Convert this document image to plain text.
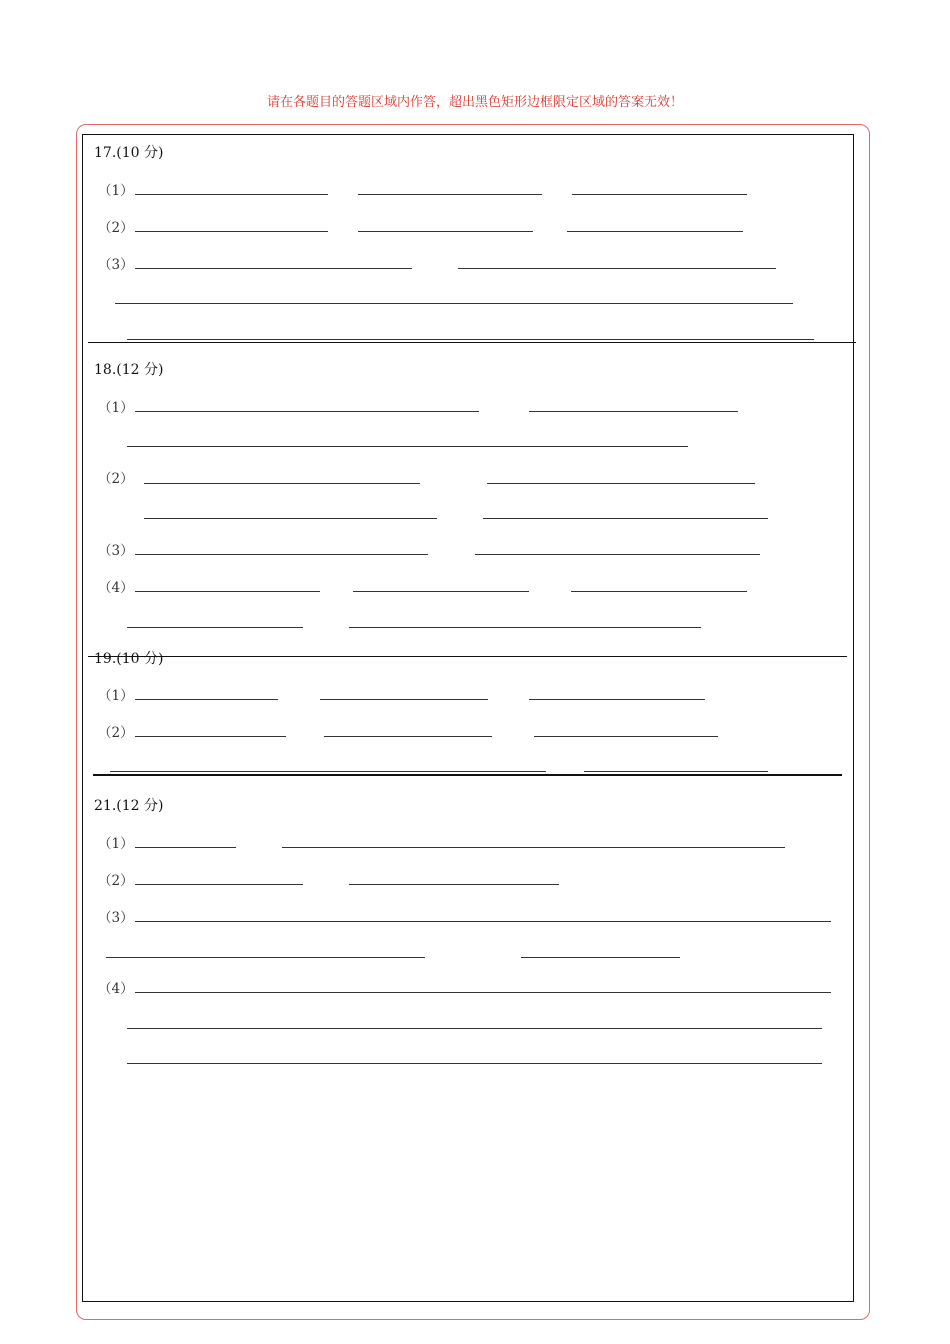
请在各题目的答题区域内作答，超出黑色矩形边框限定区域的答案无效！
17.(10 分)
（1）
（2）
（3）
18.(12 分)
（1）
（2）
（3）
（4）
19.(10 分)
（1）
（2）
21.(12 分)
（1）
（2）
（3）
（4）
